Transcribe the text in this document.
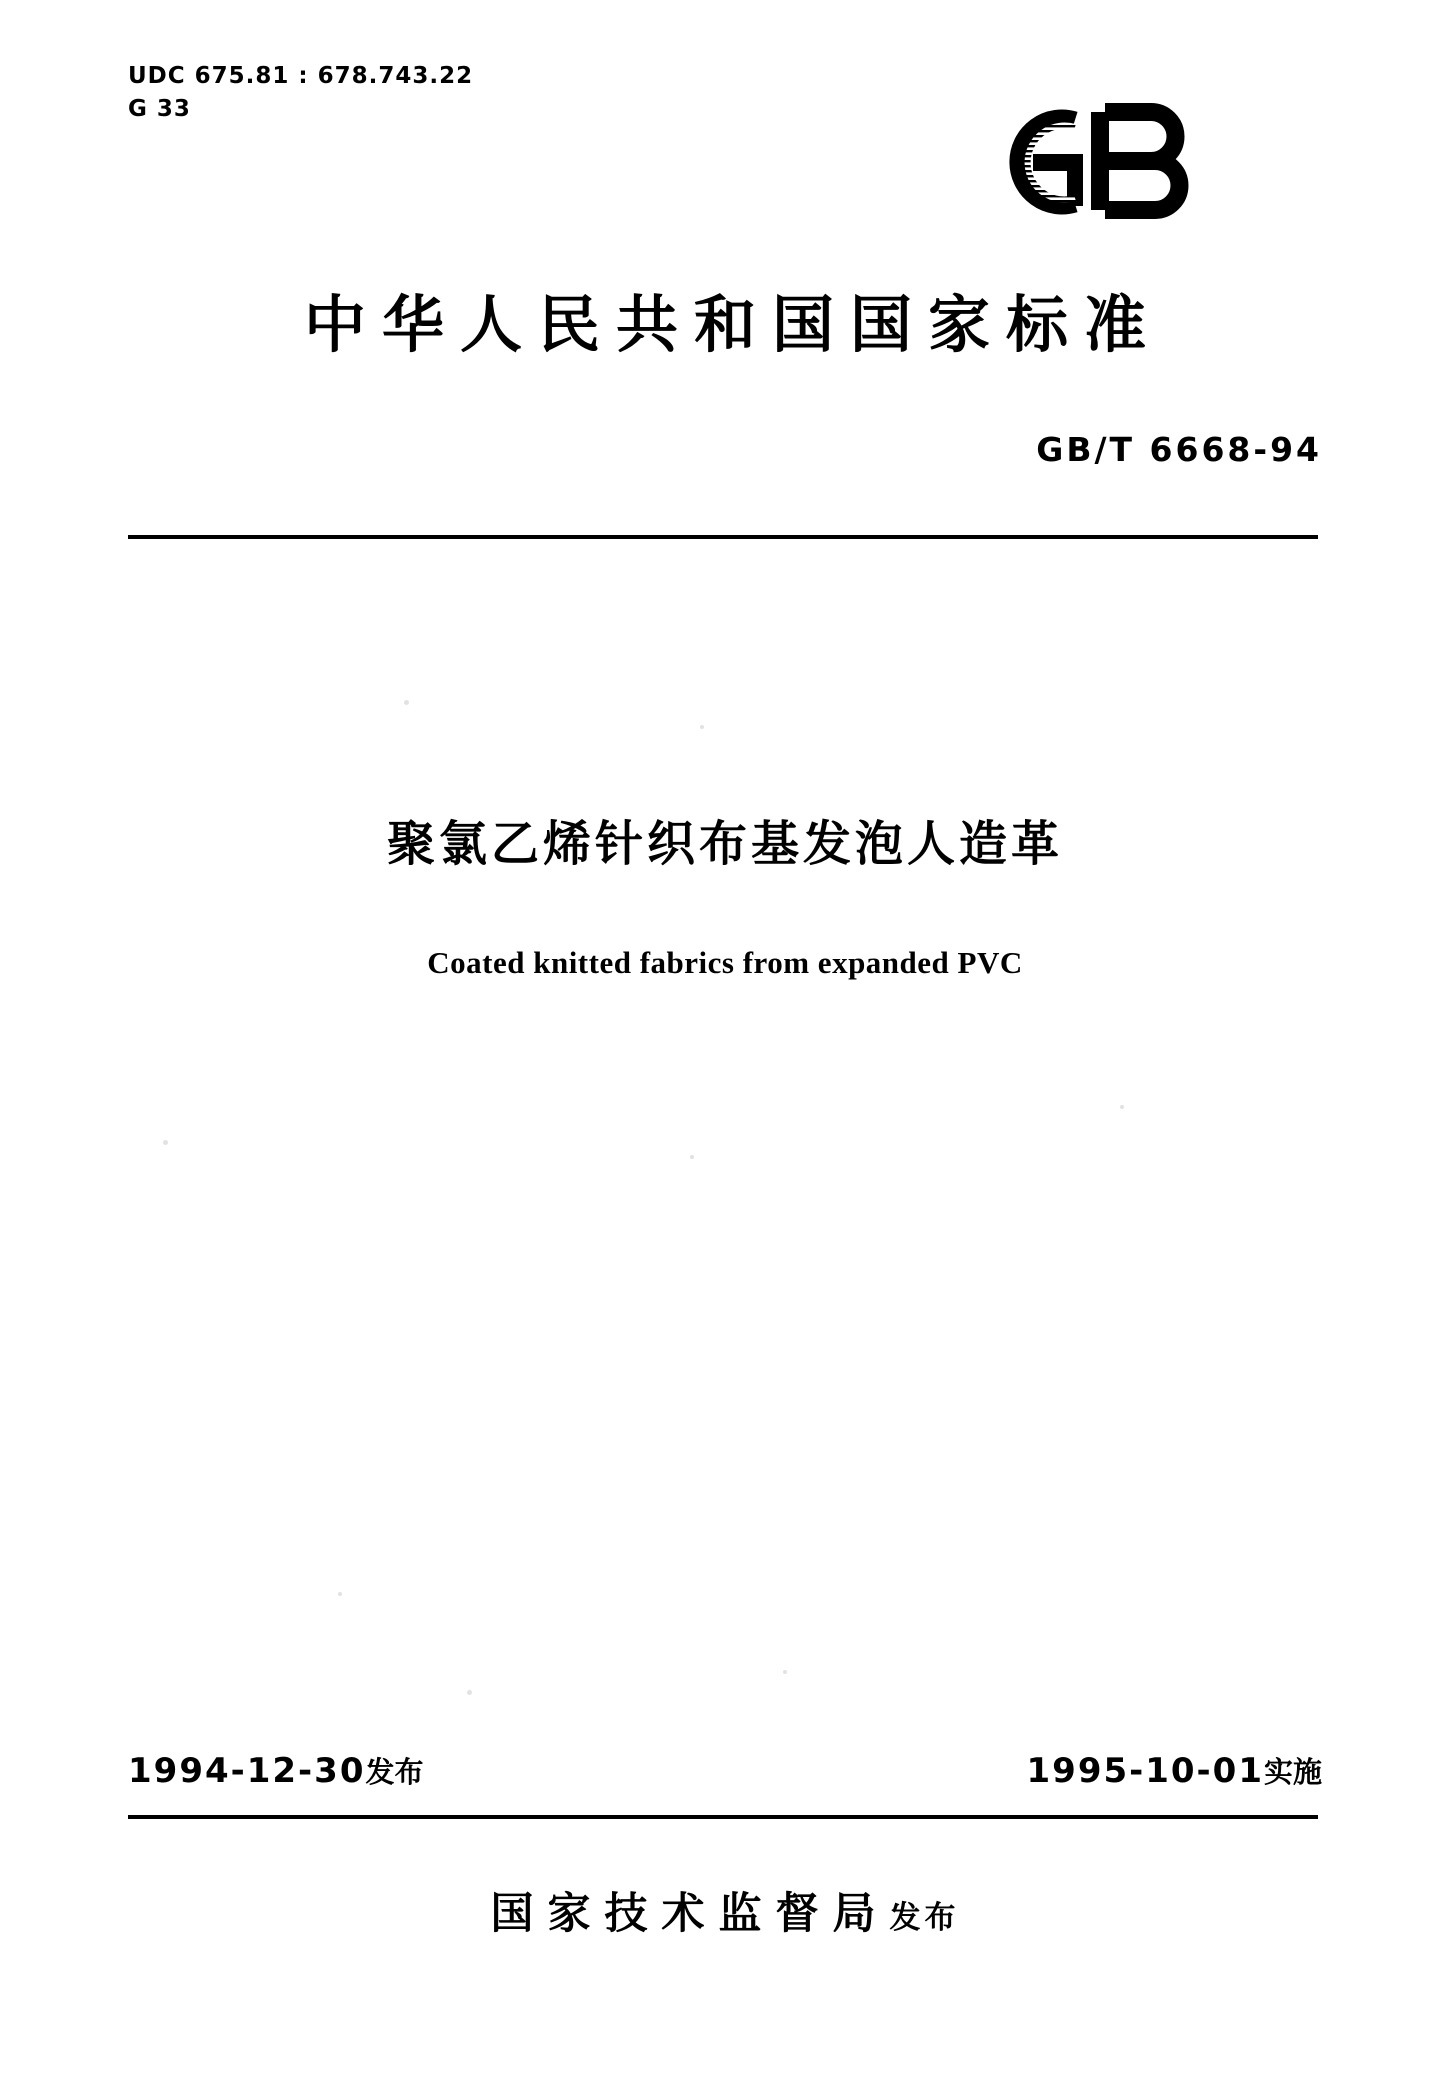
UDC 675.81 : 678.743.22
G 33
中华人民共和国国家标准
GB/T 6668-94
聚氯乙烯针织布基发泡人造革
Coated knitted fabrics from expanded PVC
1994-12-30发布	1995-10-01实施
国家技术监督局发布
